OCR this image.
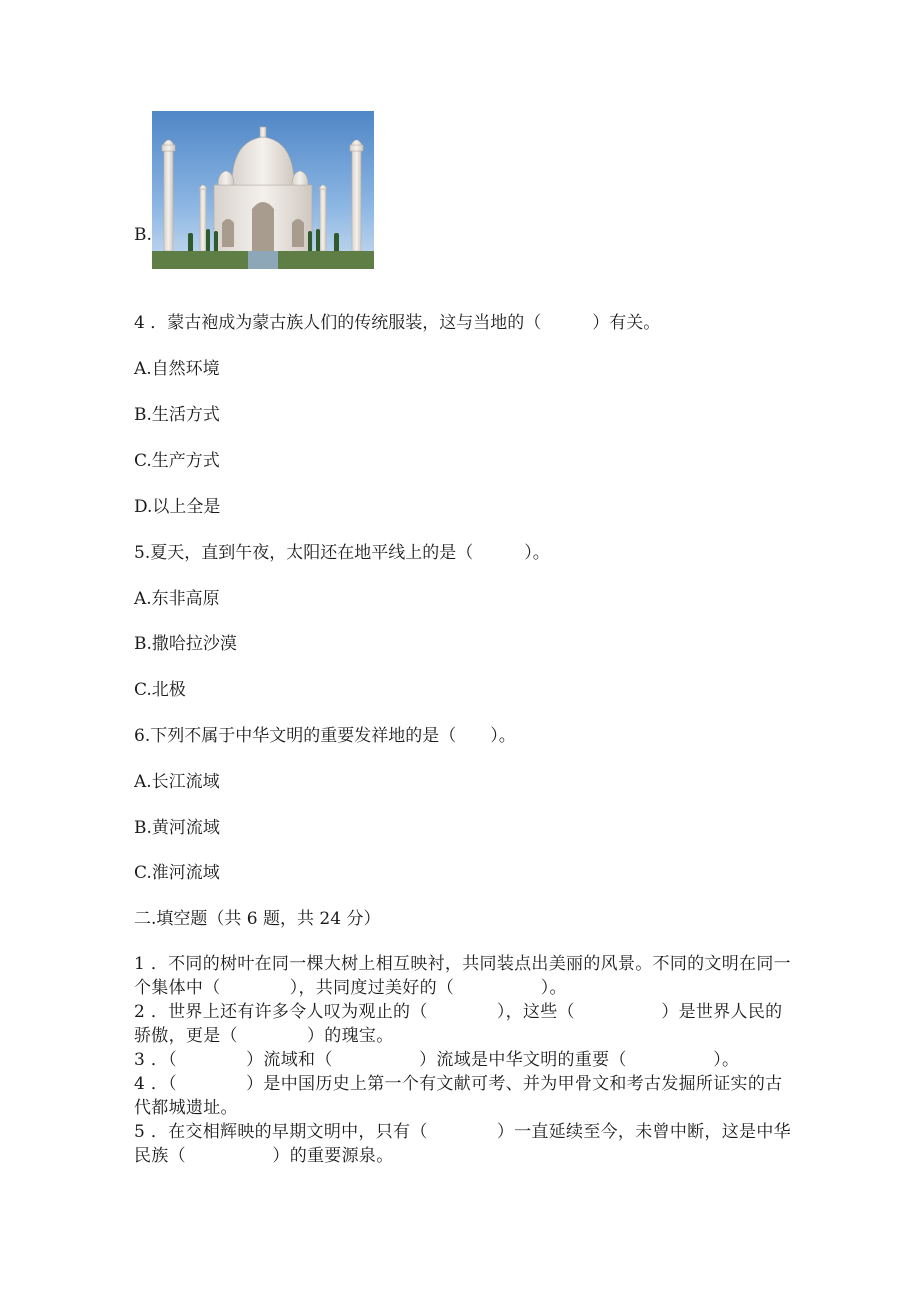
B.
4 ．蒙古袍成为蒙古族人们的传统服装，这与当地的（　　　）有关。
A.自然环境
B.生活方式
C.生产方式
D.以上全是
5.夏天，直到午夜，太阳还在地平线上的是（　　　）。
A.东非高原
B.撒哈拉沙漠
C.北极
6.下列不属于中华文明的重要发祥地的是（　　）。
A.长江流域
B.黄河流域
C.淮河流域
二.填空题（共 6 题，共 24 分）
1 ．不同的树叶在同一棵大树上相互映衬，共同装点出美丽的风景。不同的文明在同一个集体中（　　　　），共同度过美好的（　　　　　）。
2 ．世界上还有许多令人叹为观止的（　　　　），这些（　　　　　）是世界人民的骄傲，更是（　　　　）的瑰宝。
3 ．（　　　　）流域和（　　　　　）流域是中华文明的重要（　　　　　）。
4 ．（　　　　）是中国历史上第一个有文献可考、并为甲骨文和考古发掘所证实的古代都城遗址。
5 ．在交相辉映的早期文明中，只有（　　　　）一直延续至今，未曾中断，这是中华民族（　　　　　）的重要源泉。
